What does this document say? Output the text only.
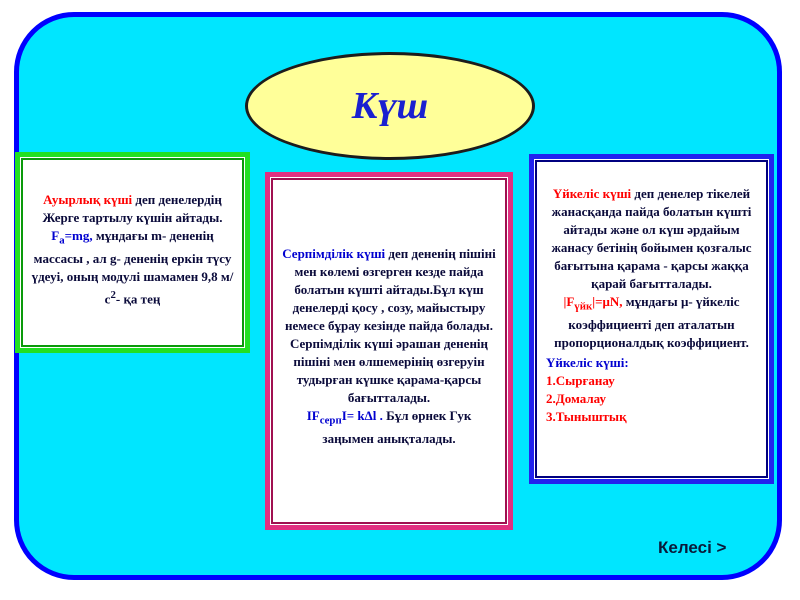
Күш
Ауырлық күші деп денелердің Жерге тартылу күшін айтады. $F_a=mg$, мұндағы m- дененің массасы , ал g- дененің еркін түсу үдеуі, оның модулі шамамен 9,8 $м/с^2-$ қа тең
Серпімділік күші деп дененің пішіні мен көлемі өзгерген кезде пайда болатын күшті айтады.Бұл күш денелерді қосу , созу, майыстыру немесе бұрау кезінде пайда болады. Серпімділік күші әрашан дененің пішіні мен өлшемерінің өзгеруін тудырған күшке қарама-қарсы бағытталады.
$IF_{серп}I= k\Delta l$ . Бұл өрнек Гук заңымен анықталады.
Үйкеліс күші деп денелер тікелей жанасқанда пайда болатын күшті айтады және ол күш әрдайым жанасу бетінің бойымен қозғалыс бағытына қарама - қарсы жаққа қарай бағытталады.
$|F_{үйк}|=\mu N$, мұндағы μ- үйкеліс коэффициенті деп аталатын пропорционалдық коэффициент.
Үйкеліс күші:
1.Сырғанау
2.Домалау
3.Тыныштық
Келесі >
